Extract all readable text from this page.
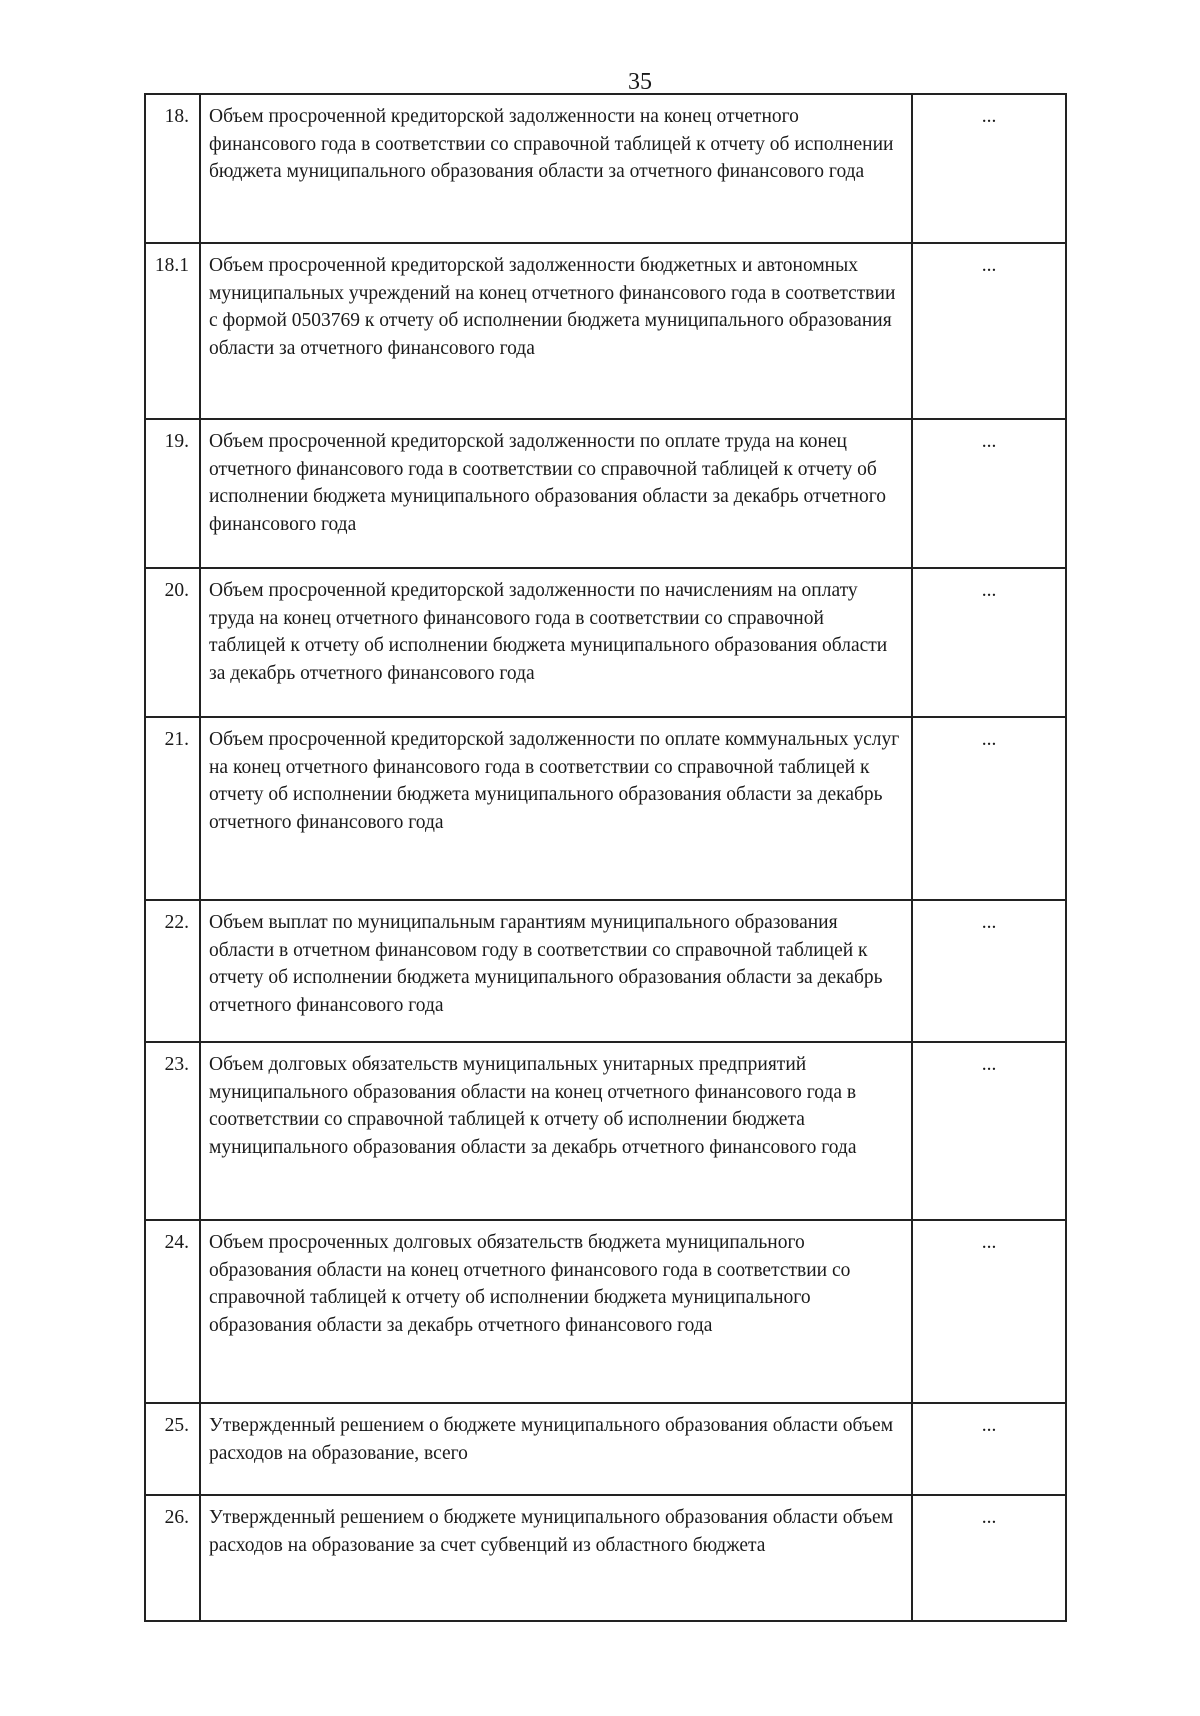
35
18.	Объем просроченной кредиторской задолженности на конец отчетного финансового года в соответствии со справочной таблицей к отчету об исполнении бюджета муниципального образования области за отчетного финансового года	...
18.1	Объем просроченной кредиторской задолженности бюджетных и автономных муниципальных учреждений на конец отчетного финансового года в соответствии с формой 0503769 к отчету об исполнении бюджета муниципального образования области за отчетного финансового года	...
19.	Объем просроченной кредиторской задолженности по оплате труда на конец отчетного финансового года в соответствии со справочной таблицей к отчету об исполнении бюджета муниципального образования области за декабрь отчетного финансового года	...
20.	Объем просроченной кредиторской задолженности по начислениям на оплату труда на конец отчетного финансового года в соответствии со справочной таблицей к отчету об исполнении бюджета муниципального образования области за декабрь отчетного финансового года	...
21.	Объем просроченной кредиторской задолженности по оплате коммунальных услуг на конец отчетного финансового года в соответствии со справочной таблицей к отчету об исполнении бюджета муниципального образования области за декабрь отчетного финансового года	...
22.	Объем выплат по муниципальным гарантиям муниципального образования области в отчетном финансовом году в соответствии со справочной таблицей к отчету об исполнении бюджета муниципального образования области за декабрь отчетного финансового года	...
23.	Объем долговых обязательств муниципальных унитарных предприятий муниципального образования области на конец отчетного финансового года в соответствии со справочной таблицей к отчету об исполнении бюджета муниципального образования области за декабрь отчетного финансового года	...
24.	Объем просроченных долговых обязательств бюджета муниципального образования области на конец отчетного финансового года в соответствии со справочной таблицей к отчету об исполнении бюджета муниципального образования области за декабрь отчетного финансового года	...
25.	Утвержденный решением о бюджете муниципального образования области объем расходов на образование, всего	...
26.	Утвержденный решением о бюджете муниципального образования области объем расходов на образование за счет субвенций из областного бюджета	...
